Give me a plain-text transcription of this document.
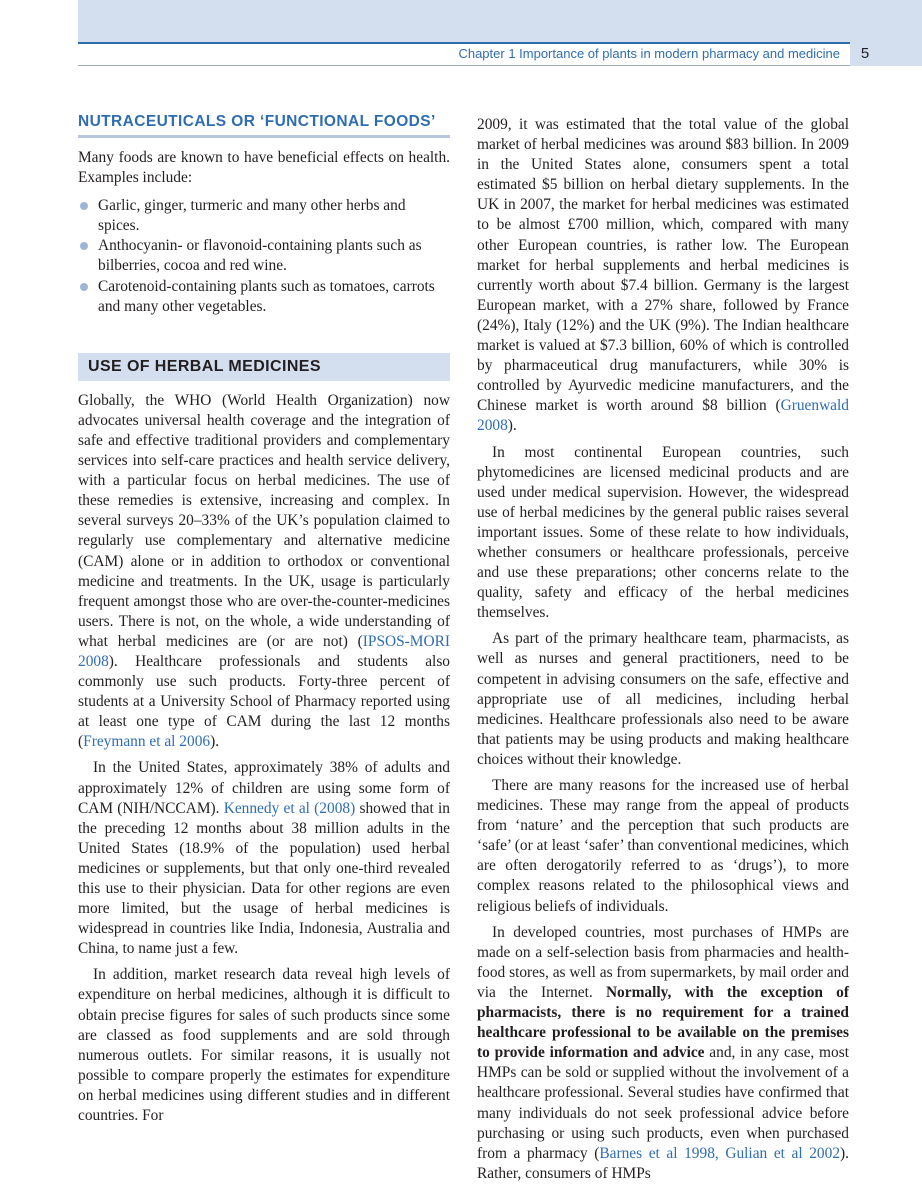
Chapter 1 Importance of plants in modern pharmacy and medicine	5
NUTRACEUTICALS OR ‘FUNCTIONAL FOODS’

Many foods are known to have beneficial effects on health. Examples include:

Garlic, ginger, turmeric and many other herbs and spices.
Anthocyanin- or flavonoid-containing plants such as bilberries, cocoa and red wine.
Carotenoid-containing plants such as tomatoes, carrots and many other vegetables.
USE OF HERBAL MEDICINES

Globally, the WHO (World Health Organization) now advocates universal health coverage and the integration of safe and effective traditional providers and complementary services into self-care practices and health service delivery, with a particular focus on herbal medicines. The use of these remedies is extensive, increasing and complex. In several surveys 20–33% of the UK’s population claimed to regularly use complementary and alternative medicine (CAM) alone or in addition to orthodox or conventional medicine and treatments. In the UK, usage is particularly frequent amongst those who are over-the-counter-medicines users. There is not, on the whole, a wide understanding of what herbal medicines are (or are not) (IPSOS-MORI 2008). Healthcare professionals and students also commonly use such products. Forty-three percent of students at a University School of Pharmacy reported using at least one type of CAM during the last 12 months (Freymann et al 2006).

In the United States, approximately 38% of adults and approximately 12% of children are using some form of CAM (NIH/NCCAM). Kennedy et al (2008) showed that in the preceding 12 months about 38 million adults in the United States (18.9% of the population) used herbal medicines or supplements, but that only one-third revealed this use to their physician. Data for other regions are even more limited, but the usage of herbal medicines is widespread in countries like India, Indonesia, Australia and China, to name just a few.

In addition, market research data reveal high levels of expenditure on herbal medicines, although it is difficult to obtain precise figures for sales of such products since some are classed as food supplements and are sold through numerous outlets. For similar reasons, it is usually not possible to compare properly the estimates for expenditure on herbal medicines using different studies and in different countries. For

2009, it was estimated that the total value of the global market of herbal medicines was around $83 billion. In 2009 in the United States alone, consumers spent a total estimated $5 billion on herbal dietary supplements. In the UK in 2007, the market for herbal medicines was estimated to be almost £700 million, which, compared with many other European countries, is rather low. The European market for herbal supplements and herbal medicines is currently worth about $7.4 billion. Germany is the largest European market, with a 27% share, followed by France (24%), Italy (12%) and the UK (9%). The Indian healthcare market is valued at $7.3 billion, 60% of which is controlled by pharmaceutical drug manufacturers, while 30% is controlled by Ayurvedic medicine manufacturers, and the Chinese market is worth around $8 billion (Gruenwald 2008).

In most continental European countries, such phytomedicines are licensed medicinal products and are used under medical supervision. However, the widespread use of herbal medicines by the general public raises several important issues. Some of these relate to how individuals, whether consumers or healthcare professionals, perceive and use these preparations; other concerns relate to the quality, safety and efficacy of the herbal medicines themselves.

As part of the primary healthcare team, pharmacists, as well as nurses and general practitioners, need to be competent in advising consumers on the safe, effective and appropriate use of all medicines, including herbal medicines. Healthcare professionals also need to be aware that patients may be using products and making healthcare choices without their knowledge.

There are many reasons for the increased use of herbal medicines. These may range from the appeal of products from ‘nature’ and the perception that such products are ‘safe’ (or at least ‘safer’ than conventional medicines, which are often derogatorily referred to as ‘drugs’), to more complex reasons related to the philosophical views and religious beliefs of individuals.

In developed countries, most purchases of HMPs are made on a self-selection basis from pharmacies and health-food stores, as well as from supermarkets, by mail order and via the Internet. Normally, with the exception of pharmacists, there is no requirement for a trained healthcare professional to be available on the premises to provide information and advice and, in any case, most HMPs can be sold or supplied without the involvement of a healthcare professional. Several studies have confirmed that many individuals do not seek professional advice before purchasing or using such products, even when purchased from a pharmacy (Barnes et al 1998, Gulian et al 2002). Rather, consumers of HMPs
